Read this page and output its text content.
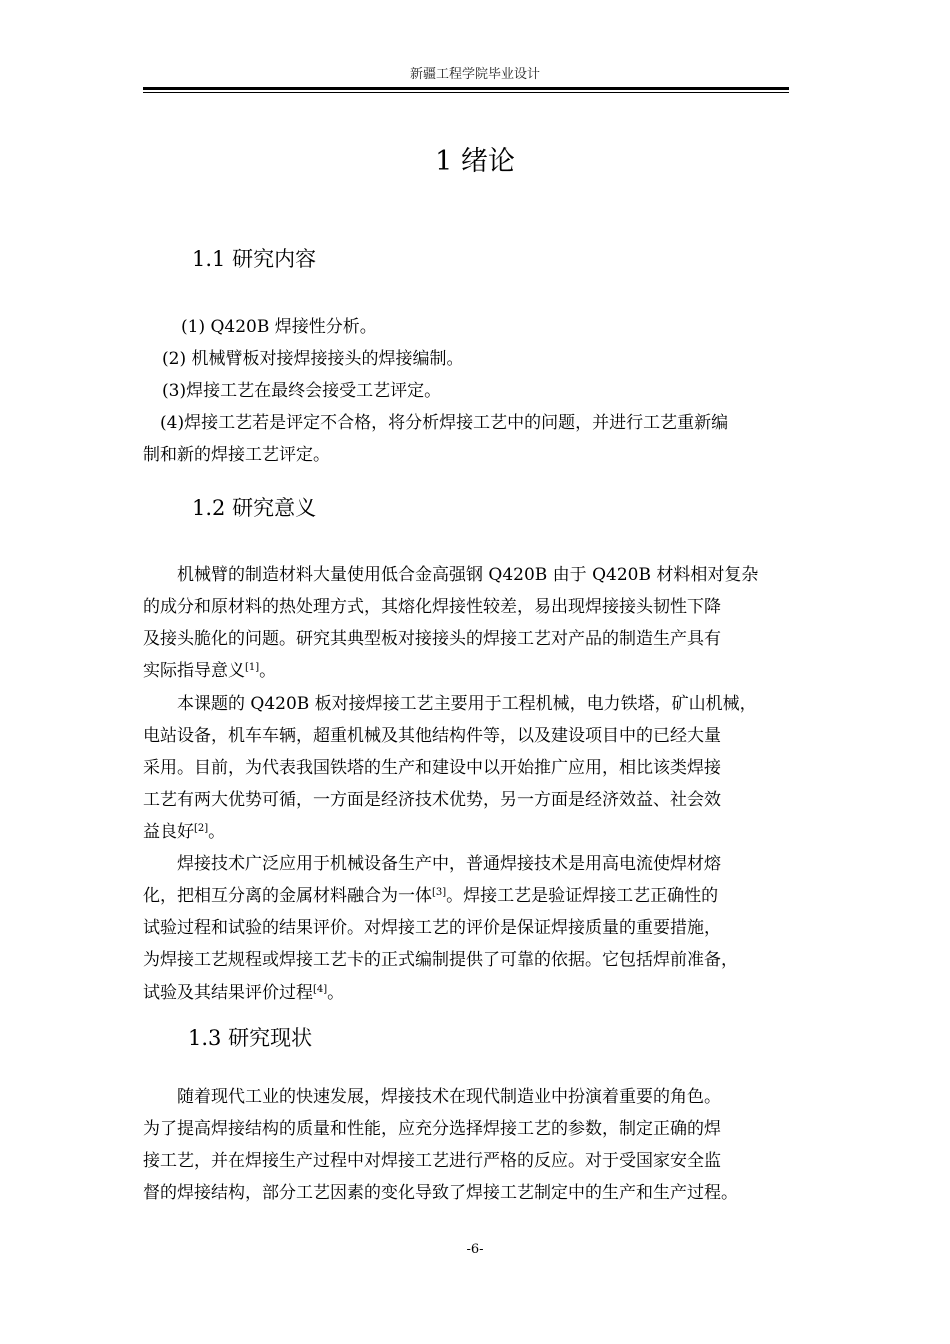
新疆工程学院毕业设计
1 绪论
1.1 研究内容
(1) Q420B 焊接性分析。
(2) 机械臂板对接焊接接头的焊接编制。
(3)焊接工艺在最终会接受工艺评定。
(4)焊接工艺若是评定不合格，将分析焊接工艺中的问题，并进行工艺重新编
制和新的焊接工艺评定。
1.2 研究意义
机械臂的制造材料大量使用低合金高强钢 Q420B 由于 Q420B 材料相对复杂
的成分和原材料的热处理方式，其熔化焊接性较差，易出现焊接接头韧性下降
及接头脆化的问题。研究其典型板对接接头的焊接工艺对产品的制造生产具有
实际指导意义[1]。
本课题的 Q420B 板对接焊接工艺主要用于工程机械，电力铁塔，矿山机械，
电站设备，机车车辆，超重机械及其他结构件等，以及建设项目中的已经大量
采用。目前，为代表我国铁塔的生产和建设中以开始推广应用，相比该类焊接
工艺有两大优势可循，一方面是经济技术优势，另一方面是经济效益、社会效
益良好[2]。
焊接技术广泛应用于机械设备生产中，普通焊接技术是用高电流使焊材熔
化，把相互分离的金属材料融合为一体[3]。焊接工艺是验证焊接工艺正确性的
试验过程和试验的结果评价。对焊接工艺的评价是保证焊接质量的重要措施，
为焊接工艺规程或焊接工艺卡的正式编制提供了可靠的依据。它包括焊前准备，
试验及其结果评价过程[4]。
1.3 研究现状
随着现代工业的快速发展，焊接技术在现代制造业中扮演着重要的角色。
为了提高焊接结构的质量和性能，应充分选择焊接工艺的参数，制定正确的焊
接工艺，并在焊接生产过程中对焊接工艺进行严格的反应。对于受国家安全监
督的焊接结构，部分工艺因素的变化导致了焊接工艺制定中的生产和生产过程。
-6-
